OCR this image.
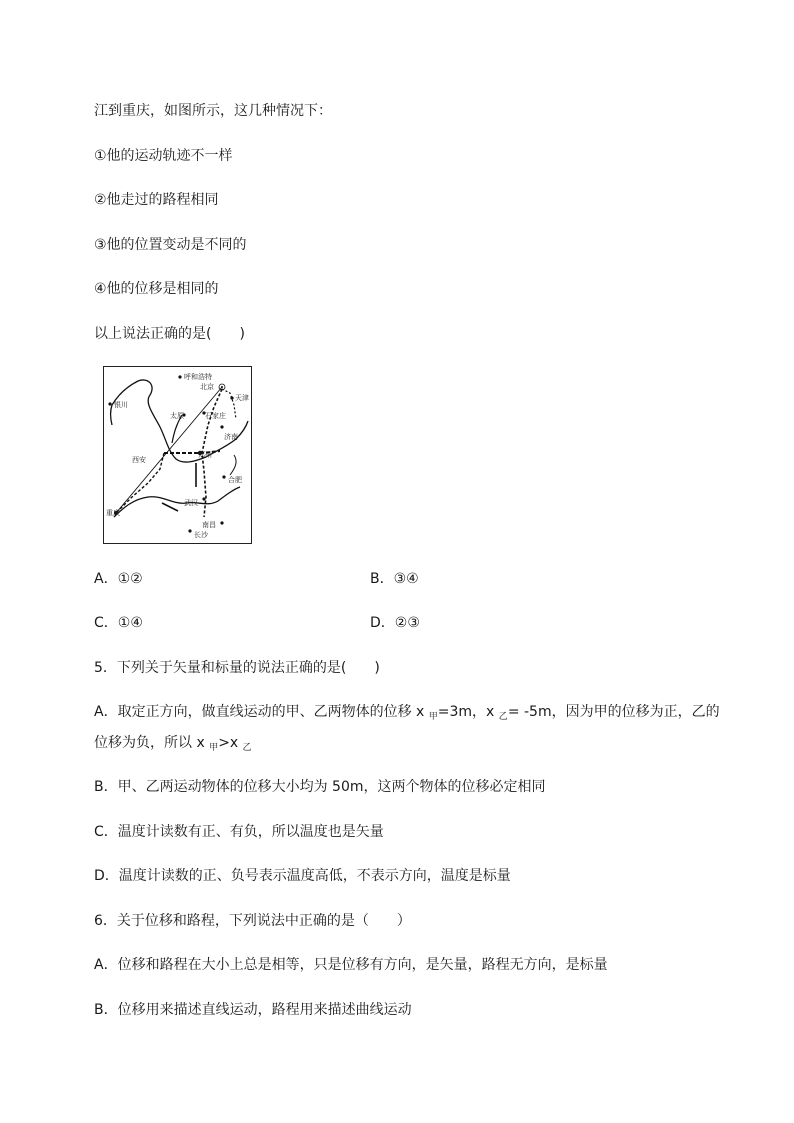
江到重庆，如图所示，这几种情况下：
①他的运动轨迹不一样
②他走过的路程相同
③他的位置变动是不同的
④他的位移是相同的
以上说法正确的是(　　)
呼和浩特
北京
天津
银川
太原	石家庄
济南
西安
郑州
合肥
武汉
重庆
南昌
长沙
A．①②	B．③④
C．①④	D．②③
5．下列关于矢量和标量的说法正确的是(　　)
A．取定正方向，做直线运动的甲、乙两物体的位移 x $_甲$=3m，x $_乙$= -5m，因为甲的位移为正，乙的
位移为负，所以 x $_甲$>x $_乙$
B．甲、乙两运动物体的位移大小均为 50m，这两个物体的位移必定相同
C．温度计读数有正、有负，所以温度也是矢量
D．温度计读数的正、负号表示温度高低，不表示方向，温度是标量
6．关于位移和路程，下列说法中正确的是（　　）
A．位移和路程在大小上总是相等，只是位移有方向，是矢量，路程无方向，是标量
B．位移用来描述直线运动，路程用来描述曲线运动
